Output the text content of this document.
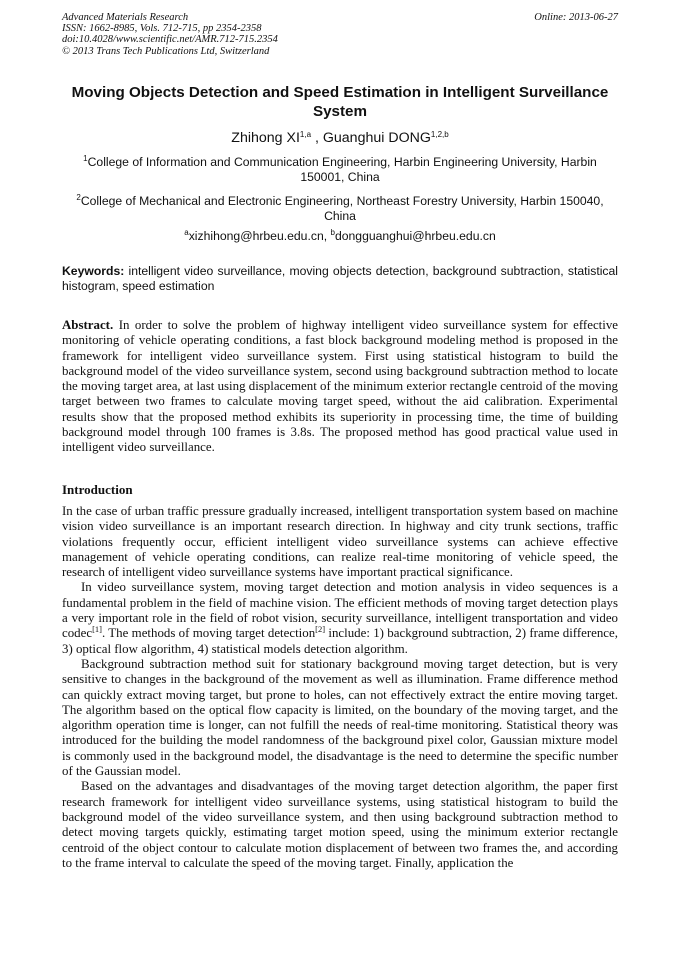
Advanced Materials Research
ISSN: 1662-8985, Vols. 712-715, pp 2354-2358
doi:10.4028/www.scientific.net/AMR.712-715.2354
© 2013 Trans Tech Publications Ltd, Switzerland
Online: 2013-06-27
Moving Objects Detection and Speed Estimation in Intelligent Surveillance System
Zhihong XI$^{1,a}$ , Guanghui DONG$^{1,2,b}$
$^1$College of Information and Communication Engineering, Harbin Engineering University, Harbin 150001, China
$^2$College of Mechanical and Electronic Engineering, Northeast Forestry University, Harbin 150040, China
$^a$xizhihong@hrbeu.edu.cn, $^b$dongguanghui@hrbeu.edu.cn
Keywords: intelligent video surveillance, moving objects detection, background subtraction, statistical histogram, speed estimation
Abstract. In order to solve the problem of highway intelligent video surveillance system for effective monitoring of vehicle operating conditions, a fast block background modeling method is proposed in the framework for intelligent video surveillance system. First using statistical histogram to build the background model of the video surveillance system, second using background subtraction method to locate the moving target area, at last using displacement of the minimum exterior rectangle centroid of the moving target between two frames to calculate moving target speed, without the aid calibration. Experimental results show that the proposed method exhibits its superiority in processing time, the time of building background model through 100 frames is 3.8s. The proposed method has good practical value used in intelligent video surveillance.
Introduction

In the case of urban traffic pressure gradually increased, intelligent transportation system based on machine vision video surveillance is an important research direction. In highway and city trunk sections, traffic violations frequently occur, efficient intelligent video surveillance systems can achieve effective management of vehicle operating conditions, can realize real-time monitoring of vehicle speed, the research of intelligent video surveillance systems have important practical significance.

In video surveillance system, moving target detection and motion analysis in video sequences is a fundamental problem in the field of machine vision. The efficient methods of moving target detection plays a very important role in the field of robot vision, security surveillance, intelligent transportation and video codec[1]. The methods of moving target detection[2] include: 1) background subtraction, 2) frame difference, 3) optical flow algorithm, 4) statistical models detection algorithm.

Background subtraction method suit for stationary background moving target detection, but is very sensitive to changes in the background of the movement as well as illumination. Frame difference method can quickly extract moving target, but prone to holes, can not effectively extract the entire moving target. The algorithm based on the optical flow capacity is limited, on the boundary of the moving target, and the algorithm operation time is longer, can not fulfill the needs of real-time monitoring. Statistical theory was introduced for the building the model randomness of the background pixel color, Gaussian mixture model is commonly used in the background model, the disadvantage is the need to determine the specific number of the Gaussian model.

Based on the advantages and disadvantages of the moving target detection algorithm, the paper first research framework for intelligent video surveillance systems, using statistical histogram to build the background model of the video surveillance system, and then using background subtraction method to detect moving targets quickly, estimating target motion speed, using the minimum exterior rectangle centroid of the object contour to calculate motion displacement of between two frames the, and according to the frame interval to calculate the speed of the moving target. Finally, application the
